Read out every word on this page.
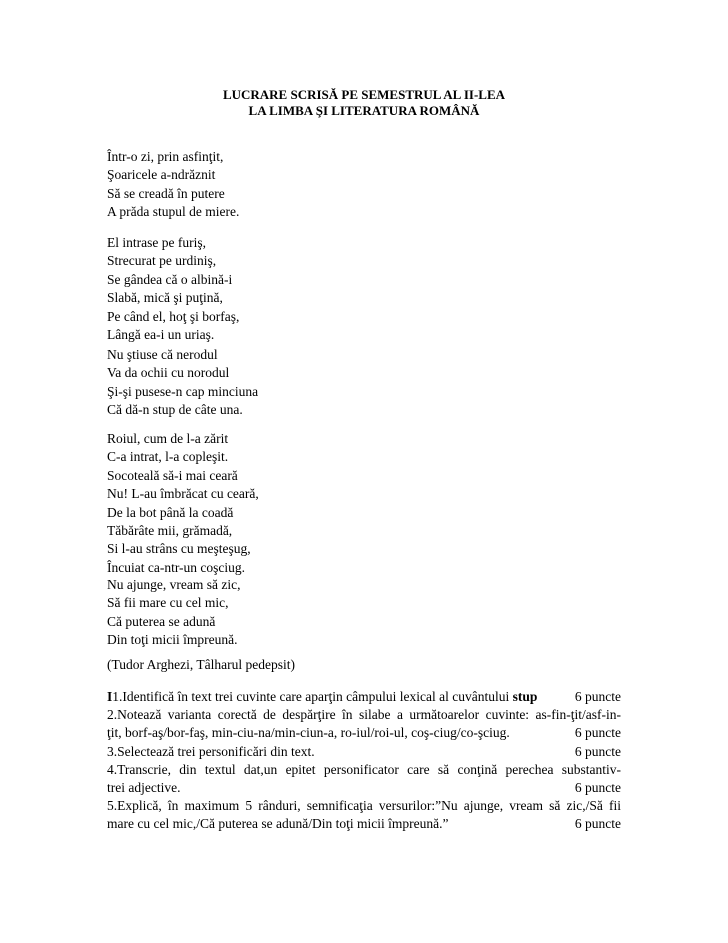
LUCRARE SCRISĂ PE SEMESTRUL AL II-LEA
LA LIMBA ŞI LITERATURA ROMÂNĂ
Într-o zi, prin asfinţit,
Şoaricele a-ndrăznit
Să se creadă în putere
A prăda stupul de miere.
El intrase pe furiş,
Strecurat pe urdiniş,
Se gândea că o albină-i
Slabă, mică şi puţină,
Pe când el, hoţ şi borfaş,
Lângă ea-i un uriaş.
Nu ştiuse că nerodul
Va da ochii cu norodul
Şi-şi pusese-n cap minciuna
Că dă-n stup de câte una.
Roiul, cum de l-a zărit
C-a intrat, l-a copleşit.
Socoteală să-i mai ceară
Nu! L-au îmbrăcat cu ceară,
De la bot până la coadă
Tăbărâte mii, grămadă,
Si l-au strâns cu meşteşug,
Încuiat ca-ntr-un coşciug.
Nu ajunge, vream să zic,
Să fii mare cu cel mic,
Că puterea se adună
Din toţi micii împreună.
(Tudor Arghezi, Tâlharul pedepsit)
I1.Identifică în text trei cuvinte care aparţin câmpului lexical al cuvântului stup	6 puncte
2.Notează varianta corectă de despărţire în silabe a următoarelor cuvinte: as-fin-ţit/asf-in-
ţit, borf-aş/bor-faş, min-ciu-na/min-ciun-a, ro-iul/roi-ul, coş-ciug/co-şciug.	6 puncte
3.Selectează trei personificări din text.	6 puncte
4.Transcrie, din textul dat,un epitet personificator care să conţină perechea substantiv-
trei adjective.	6 puncte
5.Explică, în maximum 5 rânduri, semnificaţia versurilor:”Nu ajunge, vream să zic,/Să fii
mare cu cel mic,/Că puterea se adună/Din toţi micii împreună.”	6 puncte
